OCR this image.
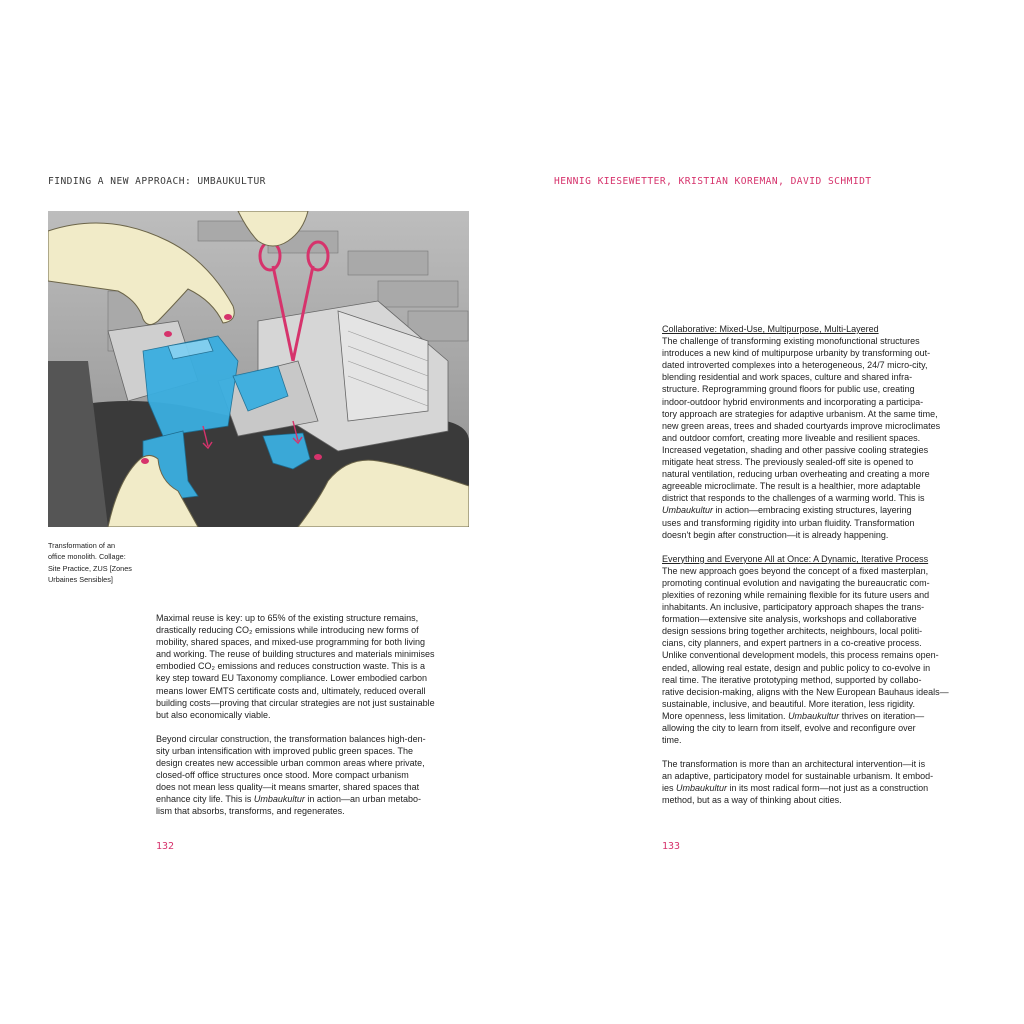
FINDING A NEW APPROACH: UMBAUKULTUR	HENNIG KIESEWETTER, KRISTIAN KOREMAN, DAVID SCHMIDT
Transformation of an
office monolith. Collage:
Site Practice, ZUS [Zones
Urbaines Sensibles]

Maximal reuse is key: up to 65% of the existing structure remains,
drastically reducing CO₂ emissions while introducing new forms of
mobility, shared spaces, and mixed-use programming for both living
and working. The reuse of building structures and materials minimises
embodied CO₂ emissions and reduces construction waste. This is a
key step toward EU Taxonomy compliance. Lower embodied carbon
means lower EMTS certificate costs and, ultimately, reduced overall
building costs—proving that circular strategies are not just sustainable
but also economically viable.

Beyond circular construction, the transformation balances high-den-
sity urban intensification with improved public green spaces. The
design creates new accessible urban common areas where private,
closed-off office structures once stood. More compact urbanism
does not mean less quality—it means smarter, shared spaces that
enhance city life. This is Umbaukultur in action—an urban metabo-
lism that absorbs, transforms, and regenerates.

Collaborative: Mixed-Use, Multipurpose, Multi-Layered
The challenge of transforming existing monofunctional structures
introduces a new kind of multipurpose urbanity by transforming out-
dated introverted complexes into a heterogeneous, 24/7 micro-city,
blending residential and work spaces, culture and shared infra-
structure. Reprogramming ground floors for public use, creating
indoor-outdoor hybrid environments and incorporating a participa-
tory approach are strategies for adaptive urbanism. At the same time,
new green areas, trees and shaded courtyards improve microclimates
and outdoor comfort, creating more liveable and resilient spaces.
Increased vegetation, shading and other passive cooling strategies
mitigate heat stress. The previously sealed-off site is opened to
natural ventilation, reducing urban overheating and creating a more
agreeable microclimate. The result is a healthier, more adaptable
district that responds to the challenges of a warming world. This is
Umbaukultur in action—embracing existing structures, layering
uses and transforming rigidity into urban fluidity. Transformation
doesn't begin after construction—it is already happening.

Everything and Everyone All at Once: A Dynamic, Iterative Process
The new approach goes beyond the concept of a fixed masterplan,
promoting continual evolution and navigating the bureaucratic com-
plexities of rezoning while remaining flexible for its future users and
inhabitants. An inclusive, participatory approach shapes the trans-
formation—extensive site analysis, workshops and collaborative
design sessions bring together architects, neighbours, local politi-
cians, city planners, and expert partners in a co-creative process.
Unlike conventional development models, this process remains open-
ended, allowing real estate, design and public policy to co-evolve in
real time. The iterative prototyping method, supported by collabo-
rative decision-making, aligns with the New European Bauhaus ideals—
sustainable, inclusive, and beautiful. More iteration, less rigidity.
More openness, less limitation. Umbaukultur thrives on iteration—
allowing the city to learn from itself, evolve and reconfigure over
time.

The transformation is more than an architectural intervention—it is
an adaptive, participatory model for sustainable urbanism. It embod-
ies Umbaukultur in its most radical form—not just as a construction
method, but as a way of thinking about cities.

132	133
